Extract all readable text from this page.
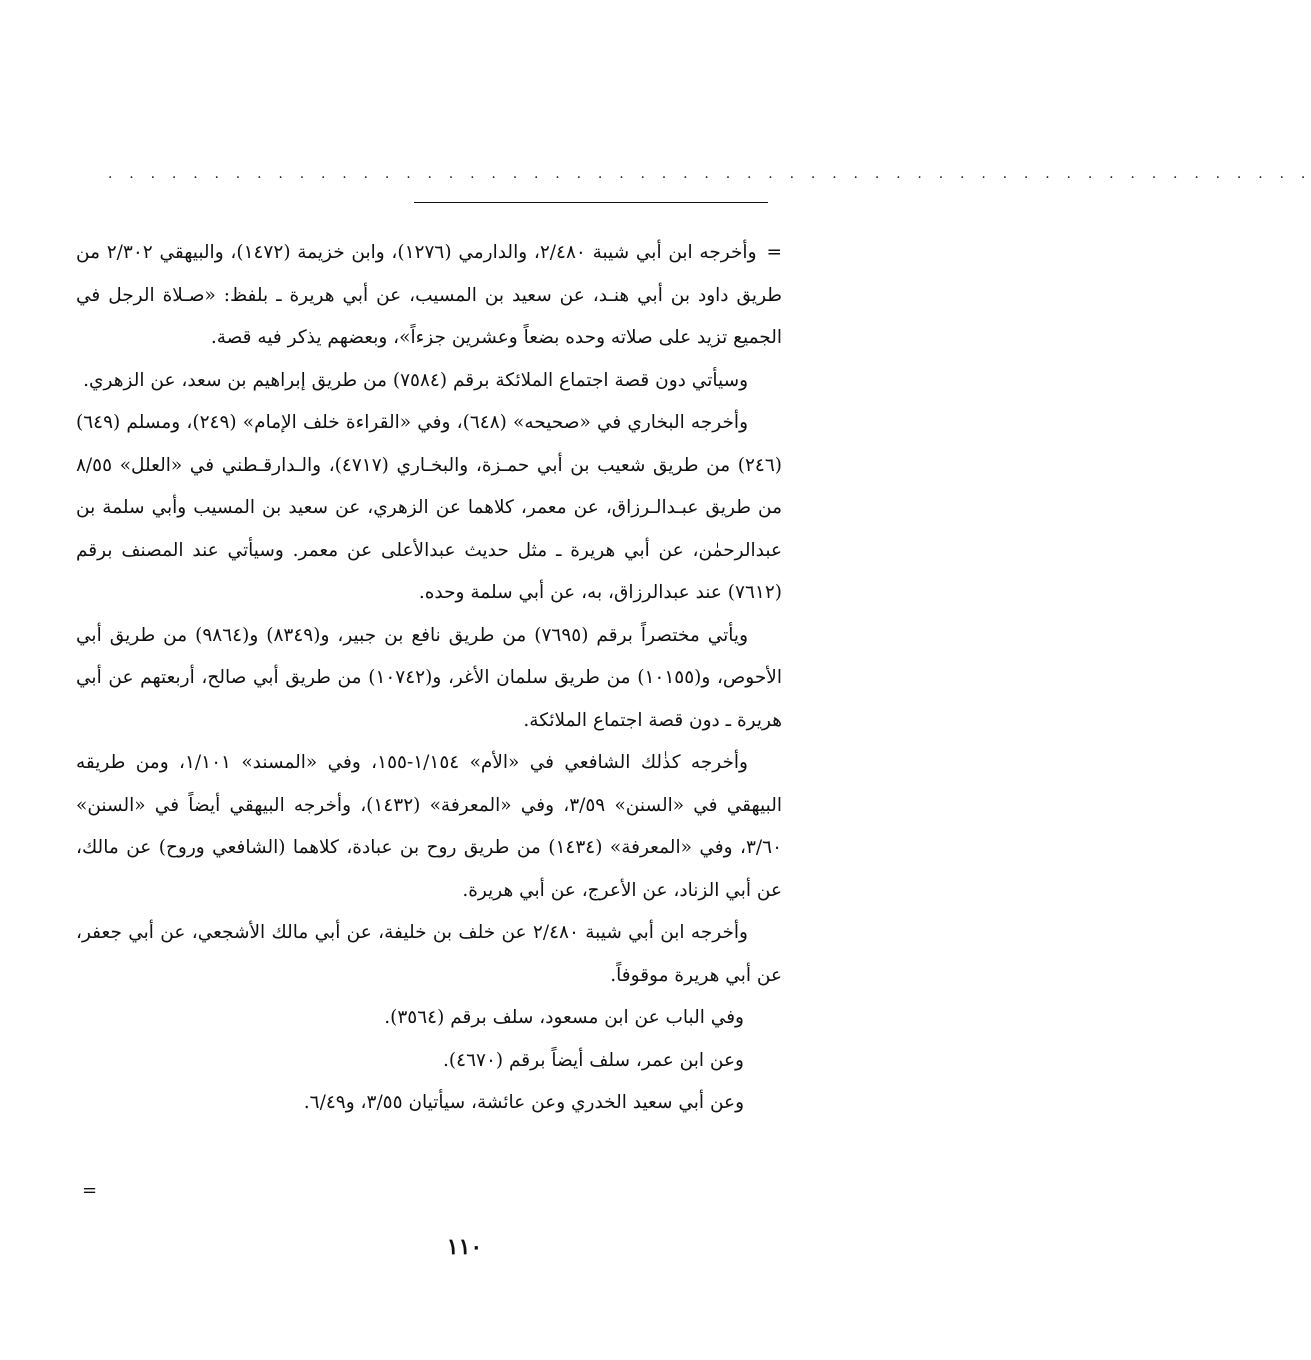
. . . . . . . . . . . . . . . . . . . . . . . . . . . . . . . . . . . . . . . . . . . . . . . . . . . . . . . . .

=وأخرجه ابن أبي شيبة ٢/٤٨٠، والدارمي (١٢٧٦)، وابن خزيمة (١٤٧٢)، والبيهقي ٢/٣٠٢ من طريق داود بن أبي هنـد، عن سعيد بن المسيب، عن أبي هريرة ـ بلفظ: «صـلاة الرجل في الجميع تزيد على صلاته وحده بضعاً وعشرين جزءاً»، وبعضهم يذكر فيه قصة.

وسيأتي دون قصة اجتماع الملائكة برقم (٧٥٨٤) من طريق إبراهيم بن سعد، عن الزهري.

وأخرجه البخاري في «صحيحه» (٦٤٨)، وفي «القراءة خلف الإمام» (٢٤٩)، ومسلم (٦٤٩) (٢٤٦) من طريق شعيب بن أبي حمـزة، والبخـاري (٤٧١٧)، والـدارقـطني في «العلل» ٨/٥٥ من طريق عبـدالـرزاق، عن معمر، كلاهما عن الزهري، عن سعيد بن المسيب وأبي سلمة بن عبدالرحمٰن، عن أبي هريرة ـ مثل حديث عبدالأعلى عن معمر. وسيأتي عند المصنف برقم (٧٦١٢) عند عبدالرزاق، به، عن أبي سلمة وحده.

ويأتي مختصراً برقم (٧٦٩٥) من طريق نافع بن جبير، و(٨٣٤٩) و(٩٨٦٤) من طريق أبي الأحوص، و(١٠١٥٥) من طريق سلمان الأغر، و(١٠٧٤٢) من طريق أبي صالح، أربعتهم عن أبي هريرة ـ دون قصة اجتماع الملائكة.

وأخرجه كذٰلك الشافعي في «الأم» ١/١٥٤-١٥٥، وفي «المسند» ١/١٠١، ومن طريقه البيهقي في «السنن» ٣/٥٩، وفي «المعرفة» (١٤٣٢)، وأخرجه البيهقي أيضاً في «السنن» ٣/٦٠، وفي «المعرفة» (١٤٣٤) من طريق روح بن عبادة، كلاهما (الشافعي وروح) عن مالك، عن أبي الزناد، عن الأعرج، عن أبي هريرة.

وأخرجه ابن أبي شيبة ٢/٤٨٠ عن خلف بن خليفة، عن أبي مالك الأشجعي، عن أبي جعفر، عن أبي هريرة موقوفاً.

وفي الباب عن ابن مسعود، سلف برقم (٣٥٦٤).

وعن ابن عمر، سلف أيضاً برقم (٤٦٧٠).

وعن أبي سعيد الخدري وعن عائشة، سيأتيان ٣/٥٥، و٦/٤٩.

=
١١٠
